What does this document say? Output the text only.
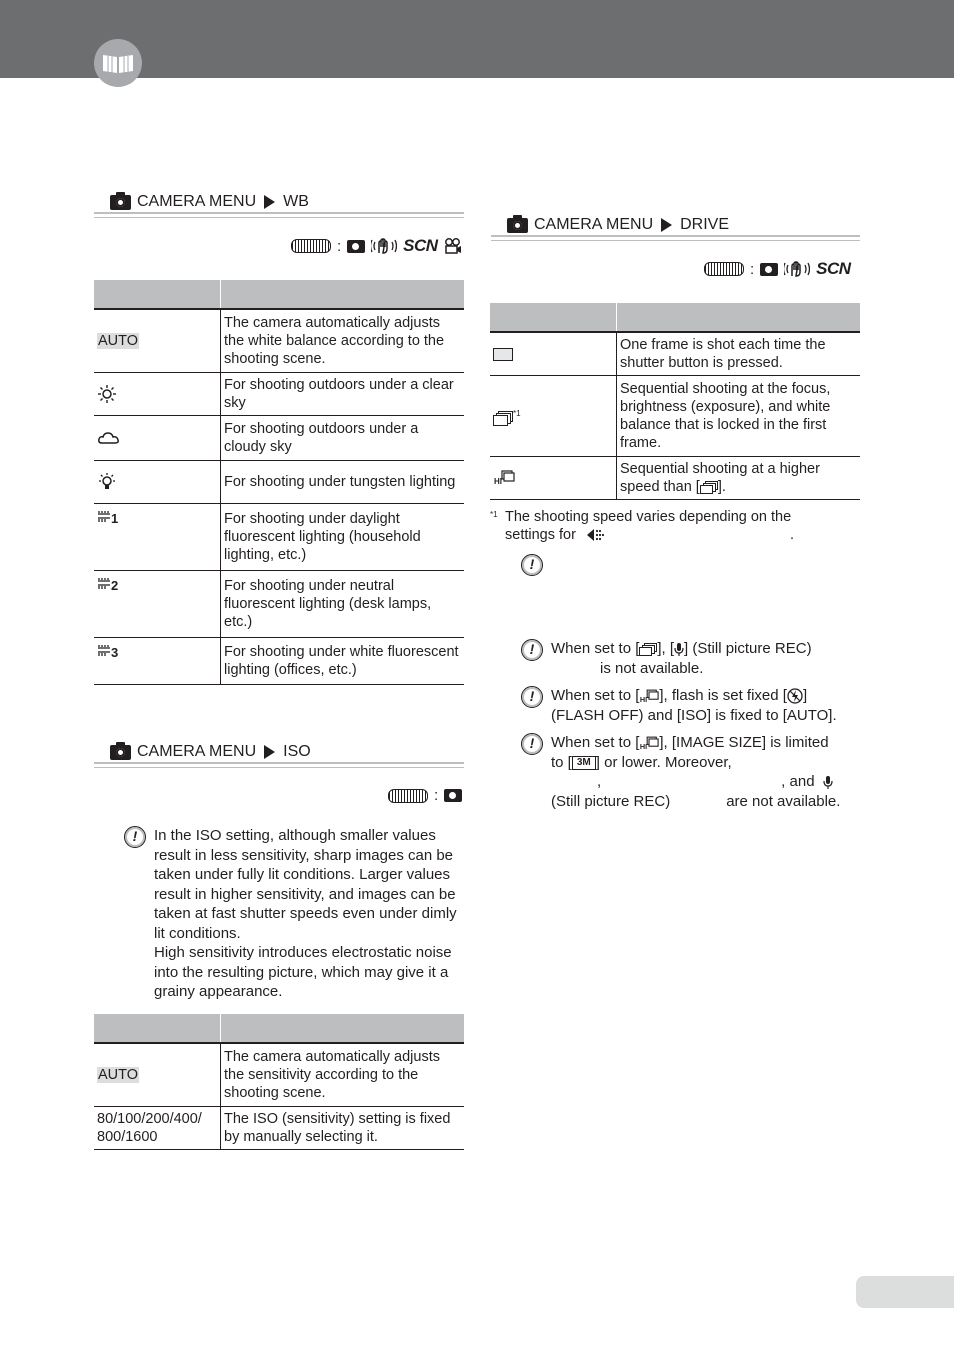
CAMERA MENU WB
:	SCN

AUTO	The camera automatically adjusts the white balance according to the shooting scene.
	For shooting outdoors under a clear sky
	For shooting outdoors under a cloudy sky
	For shooting under tungsten lighting
1	For shooting under daylight fluorescent lighting (household lighting, etc.)
2	For shooting under neutral fluorescent lighting (desk lamps, etc.)
3	For shooting under white fluorescent lighting (offices, etc.)
CAMERA MENU ISO
:
!	In the ISO setting, although smaller values result in less sensitivity, sharp images can be taken under fully lit conditions. Larger values result in higher sensitivity, and images can be taken at fast shutter speeds even under dimly lit conditions.
High sensitivity introduces electrostatic noise into the resulting picture, which may give it a grainy appearance.

AUTO	The camera automatically adjusts the sensitivity according to the shooting scene.
80/100/200/400/ 800/1600	The ISO (sensitivity) setting is fixed by manually selecting it.
CAMERA MENU DRIVE
:	SCN

	One frame is shot each time the shutter button is pressed.

$^{*1}$	Sequential shooting at the focus, brightness (exposure), and white balance that is locked in the first frame.

HI	Sequential shooting at a higher speed than [ ].
*1 The shooting speed varies depending on the
settings for	.
!
!	When set to [ ], [ ] (Still picture REC)
is not available.
!	When set to [ HI ], flash is set fixed [ ]
(FLASH OFF) and [ISO] is fixed to [AUTO].
!	When set to [ HI ], [IMAGE SIZE] is limited
to [ 3M ] or lower. Moreover,
,	, and
(Still picture REC)	are not available.
